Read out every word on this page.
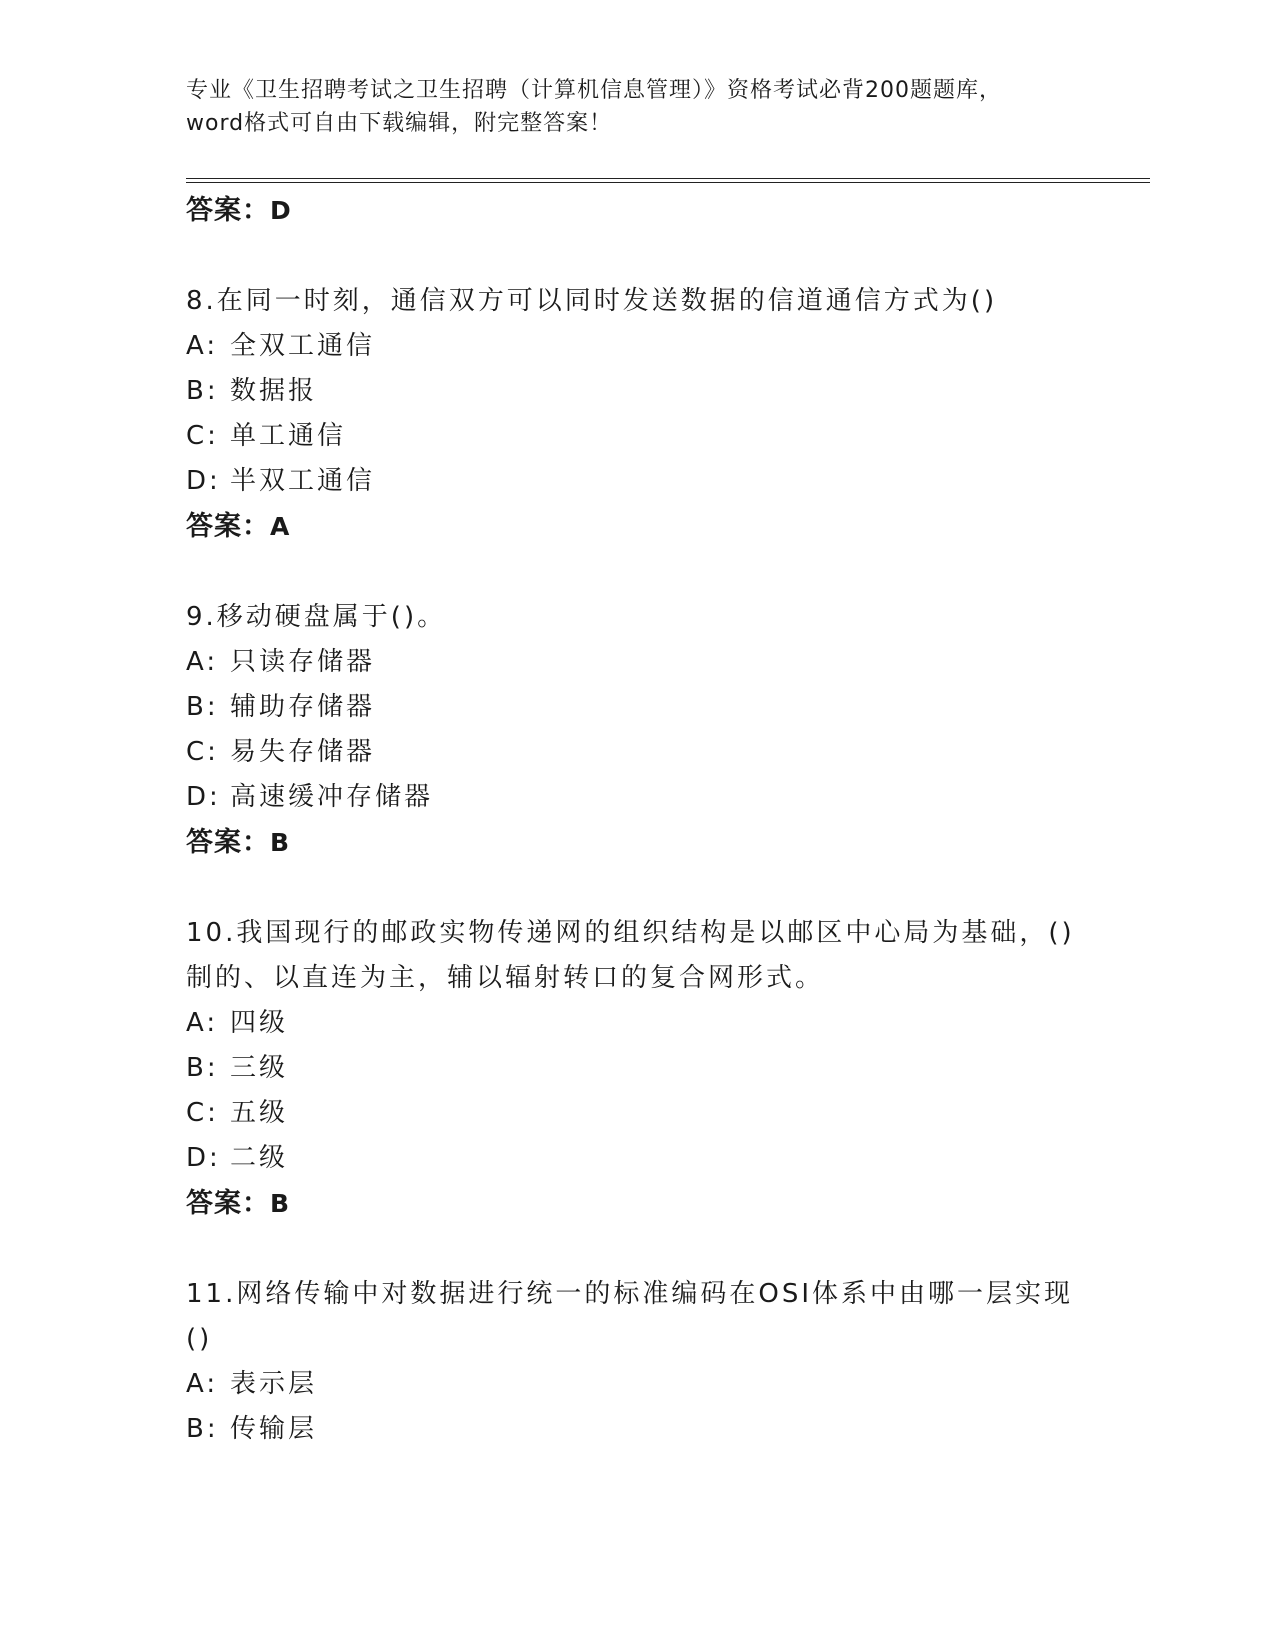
专业《卫生招聘考试之卫生招聘（计算机信息管理）》资格考试必背200题题库，
word格式可自由下载编辑，附完整答案！
答案：D
8.在同一时刻，通信双方可以同时发送数据的信道通信方式为()
A: 全双工通信
B: 数据报
C: 单工通信
D: 半双工通信
答案：A
9.移动硬盘属于()。
A: 只读存储器
B: 辅助存储器
C: 易失存储器
D: 高速缓冲存储器
答案：B
10.我国现行的邮政实物传递网的组织结构是以邮区中心局为基础，()
制的、以直连为主，辅以辐射转口的复合网形式。
A: 四级
B: 三级
C: 五级
D: 二级
答案：B
11.网络传输中对数据进行统一的标准编码在OSI体系中由哪一层实现
()
A: 表示层
B: 传输层
